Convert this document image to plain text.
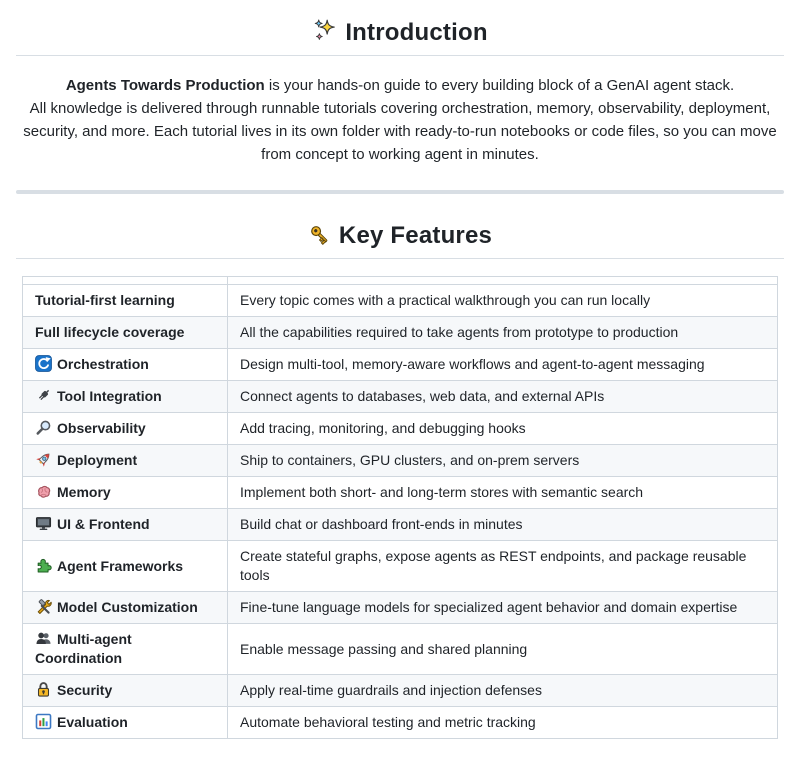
Introduction

Agents Towards Production is your hands-on guide to every building block of a GenAI agent stack.
All knowledge is delivered through runnable tutorials covering orchestration, memory, observability, deployment, security, and more. Each tutorial lives in its own folder with ready-to-run notebooks or code files, so you can move from concept to working agent in minutes.

Key Features

Tutorial-first learning	Every topic comes with a practical walkthrough you can run locally
Full lifecycle coverage	All the capabilities required to take agents from prototype to production
Orchestration	Design multi-tool, memory-aware workflows and agent-to-agent messaging
Tool Integration	Connect agents to databases, web data, and external APIs
Observability	Add tracing, monitoring, and debugging hooks
Deployment	Ship to containers, GPU clusters, and on-prem servers
Memory	Implement both short- and long-term stores with semantic search
UI & Frontend	Build chat or dashboard front-ends in minutes
Agent Frameworks	Create stateful graphs, expose agents as REST endpoints, and package reusable tools
Model Customization	Fine-tune language models for specialized agent behavior and domain expertise
Multi-agent Coordination	Enable message passing and shared planning
Security	Apply real-time guardrails and injection defenses
Evaluation	Automate behavioral testing and metric tracking
